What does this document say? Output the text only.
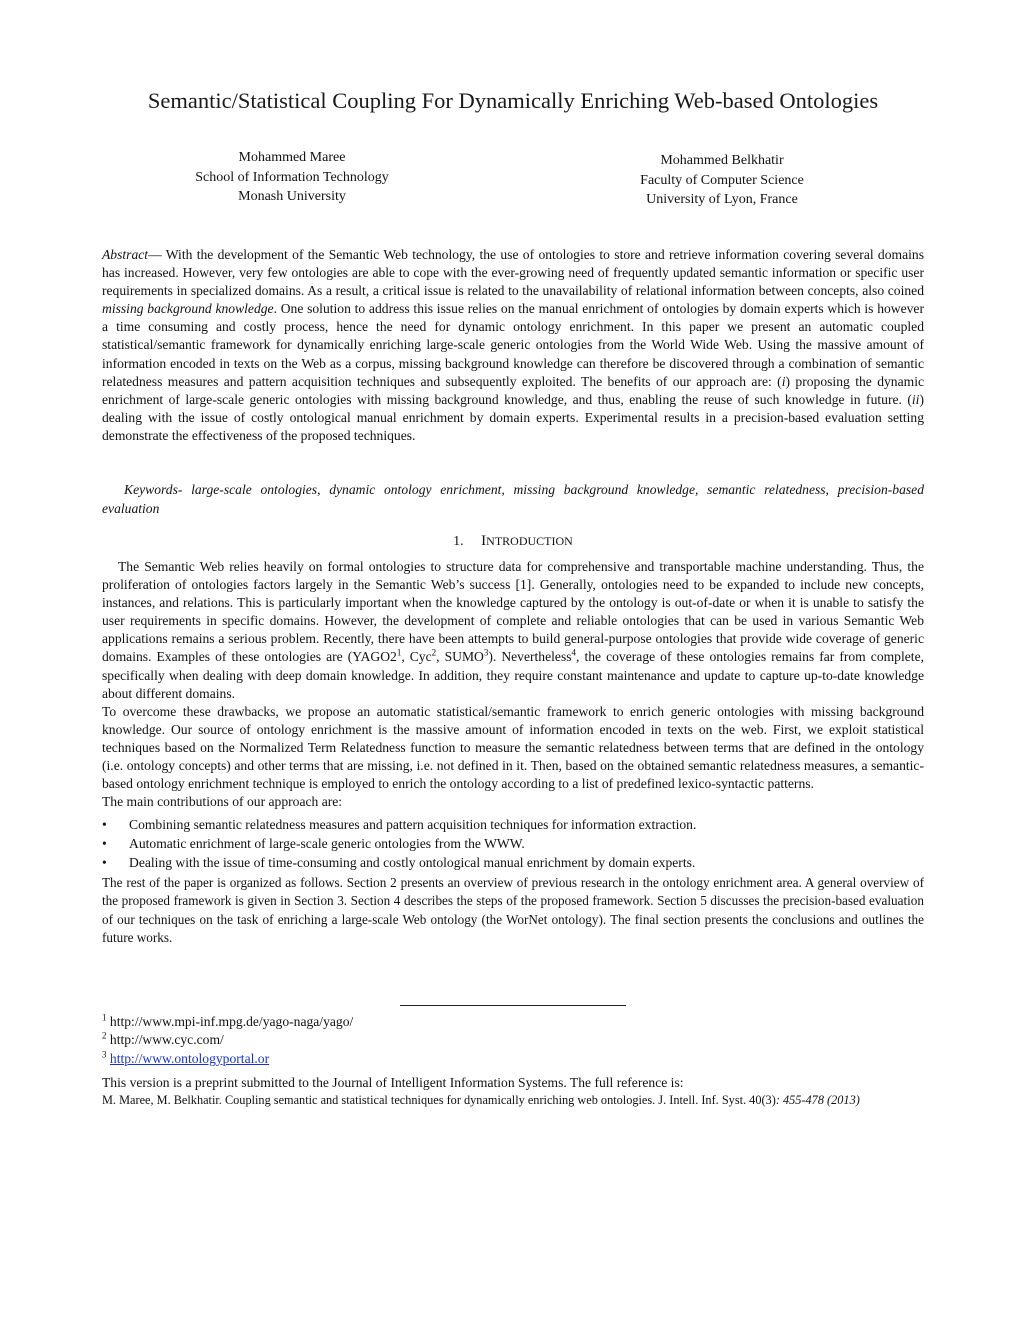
Semantic/Statistical Coupling For Dynamically Enriching Web-based Ontologies
Mohammed Maree
School of Information Technology
Monash University
Mohammed Belkhatir
Faculty of Computer Science
University of Lyon, France
Abstract— With the development of the Semantic Web technology, the use of ontologies to store and retrieve information covering several domains has increased. However, very few ontologies are able to cope with the ever-growing need of frequently updated semantic information or specific user requirements in specialized domains. As a result, a critical issue is related to the unavailability of relational information between concepts, also coined missing background knowledge. One solution to address this issue relies on the manual enrichment of ontologies by domain experts which is however a time consuming and costly process, hence the need for dynamic ontology enrichment. In this paper we present an automatic coupled statistical/semantic framework for dynamically enriching large-scale generic ontologies from the World Wide Web. Using the massive amount of information encoded in texts on the Web as a corpus, missing background knowledge can therefore be discovered through a combination of semantic relatedness measures and pattern acquisition techniques and subsequently exploited. The benefits of our approach are: (i) proposing the dynamic enrichment of large-scale generic ontologies with missing background knowledge, and thus, enabling the reuse of such knowledge in future. (ii) dealing with the issue of costly ontological manual enrichment by domain experts. Experimental results in a precision-based evaluation setting demonstrate the effectiveness of the proposed techniques.
Keywords- large-scale ontologies, dynamic ontology enrichment, missing background knowledge, semantic relatedness, precision-based evaluation
1. INTRODUCTION

The Semantic Web relies heavily on formal ontologies to structure data for comprehensive and transportable machine understanding. Thus, the proliferation of ontologies factors largely in the Semantic Web’s success [1]. Generally, ontologies need to be expanded to include new concepts, instances, and relations. This is particularly important when the knowledge captured by the ontology is out-of-date or when it is unable to satisfy the user requirements in specific domains. However, the development of complete and reliable ontologies that can be used in various Semantic Web applications remains a serious problem. Recently, there have been attempts to build general-purpose ontologies that provide wide coverage of generic domains. Examples of these ontologies are ($YAGO2^1$, Cyc$^2$, SUMO$^3$). Nevertheless$^4$, the coverage of these ontologies remains far from complete, specifically when dealing with deep domain knowledge. In addition, they require constant maintenance and update to capture up-to-date knowledge about different domains.

To overcome these drawbacks, we propose an automatic statistical/semantic framework to enrich generic ontologies with missing background knowledge. Our source of ontology enrichment is the massive amount of information encoded in texts on the web. First, we exploit statistical techniques based on the Normalized Term Relatedness function to measure the semantic relatedness between terms that are defined in the ontology (i.e. ontology concepts) and other terms that are missing, i.e. not defined in it. Then, based on the obtained semantic relatedness measures, a semantic-based ontology enrichment technique is employed to enrich the ontology according to a list of predefined lexico-syntactic patterns.

The main contributions of our approach are:

• Combining semantic relatedness measures and pattern acquisition techniques for information extraction.
• Automatic enrichment of large-scale generic ontologies from the WWW.
• Dealing with the issue of time-consuming and costly ontological manual enrichment by domain experts.

The rest of the paper is organized as follows. Section 2 presents an overview of previous research in the ontology enrichment area. A general overview of the proposed framework is given in Section 3. Section 4 describes the steps of the proposed framework. Section 5 discusses the precision-based evaluation of our techniques on the task of enriching a large-scale Web ontology (the WorNet ontology). The final section presents the conclusions and outlines the future works.

$^1$ http://www.mpi-inf.mpg.de/yago-naga/yago/
$^2$ http://www.cyc.com/
$^3$ http://www.ontologyportal.or
This version is a preprint submitted to the Journal of Intelligent Information Systems. The full reference is:
M. Maree, M. Belkhatir. Coupling semantic and statistical techniques for dynamically enriching web ontologies. J. Intell. Inf. Syst. 40(3): 455-478 (2013)
